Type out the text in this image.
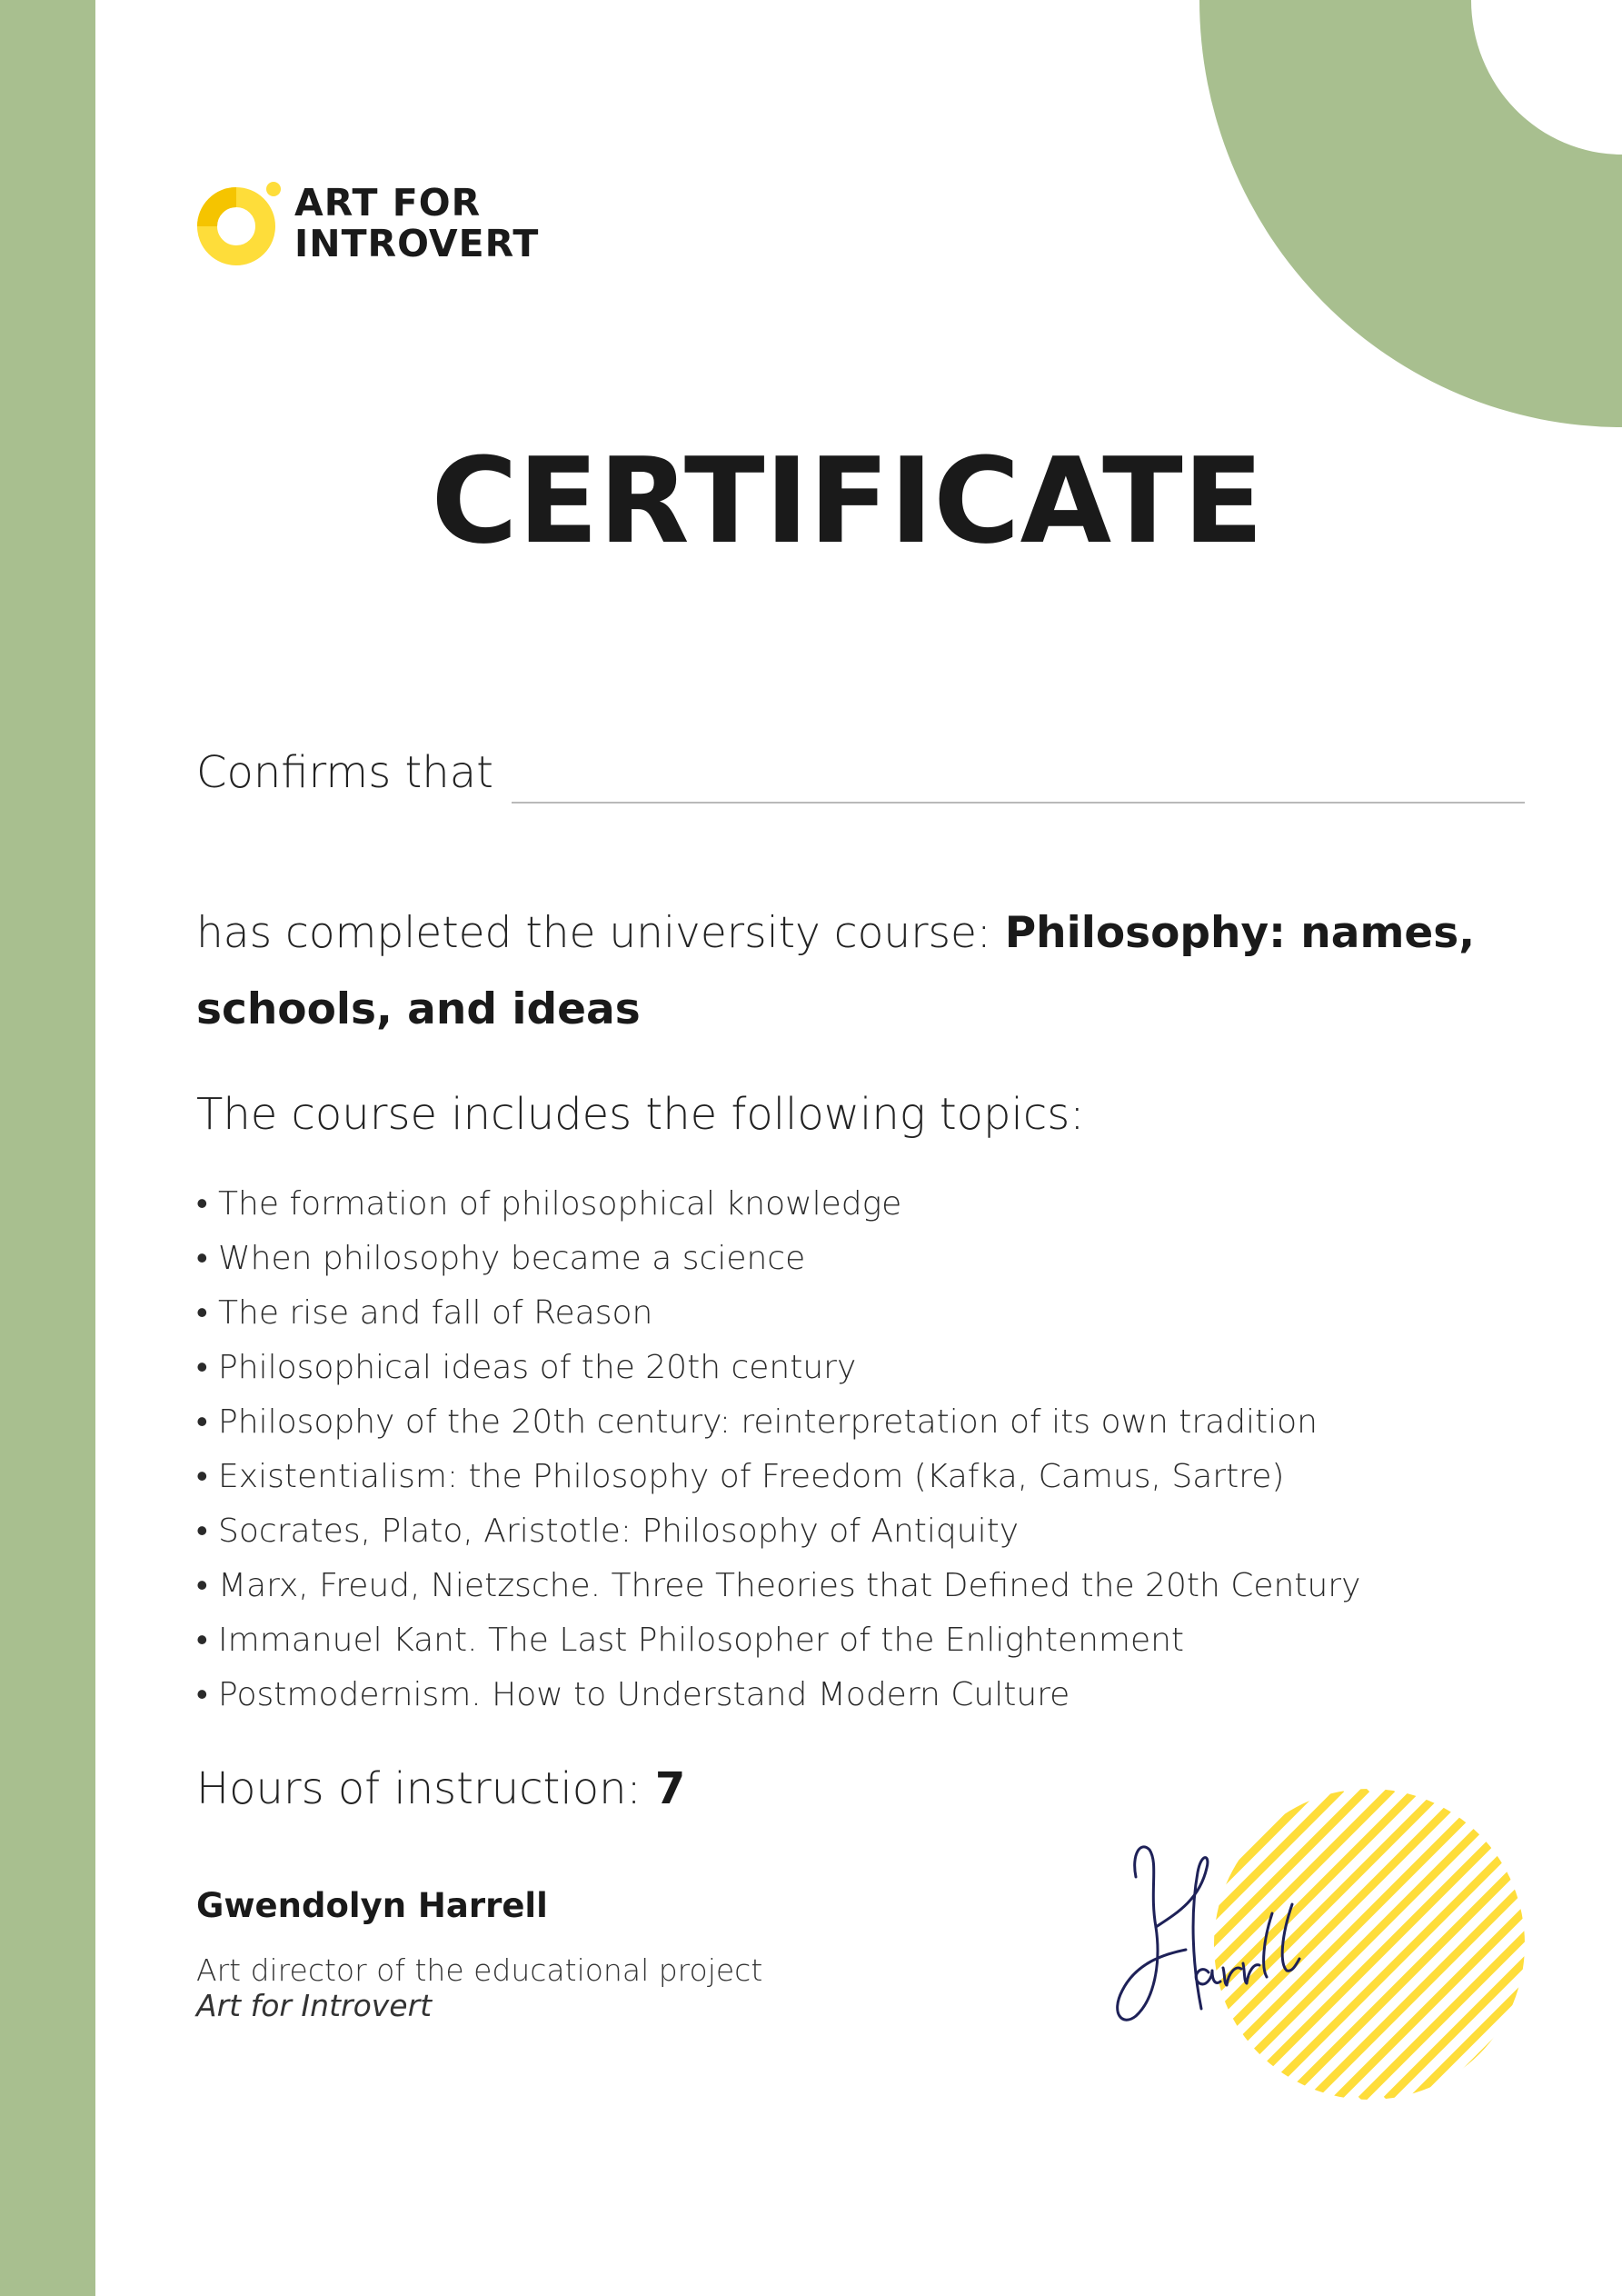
ART FOR
INTROVERT
CERTIFICATE
Confirms that
has completed the university course: Philosophy: names, schools, and ideas
The course includes the following topics:
• The formation of philosophical knowledge
• When philosophy became a science
• The rise and fall of Reason
• Philosophical ideas of the 20th century
• Philosophy of the 20th century: reinterpretation of its own tradition
• Existentialism: the Philosophy of Freedom (Kafka, Camus, Sartre)
• Socrates, Plato, Aristotle: Philosophy of Antiquity
• Marx, Freud, Nietzsche. Three Theories that Defined the 20th Century
• Immanuel Kant. The Last Philosopher of the Enlightenment
• Postmodernism. How to Understand Modern Culture
Hours of instruction: 7
Gwendolyn Harrell
Art director of the educational project
Art for Introvert
